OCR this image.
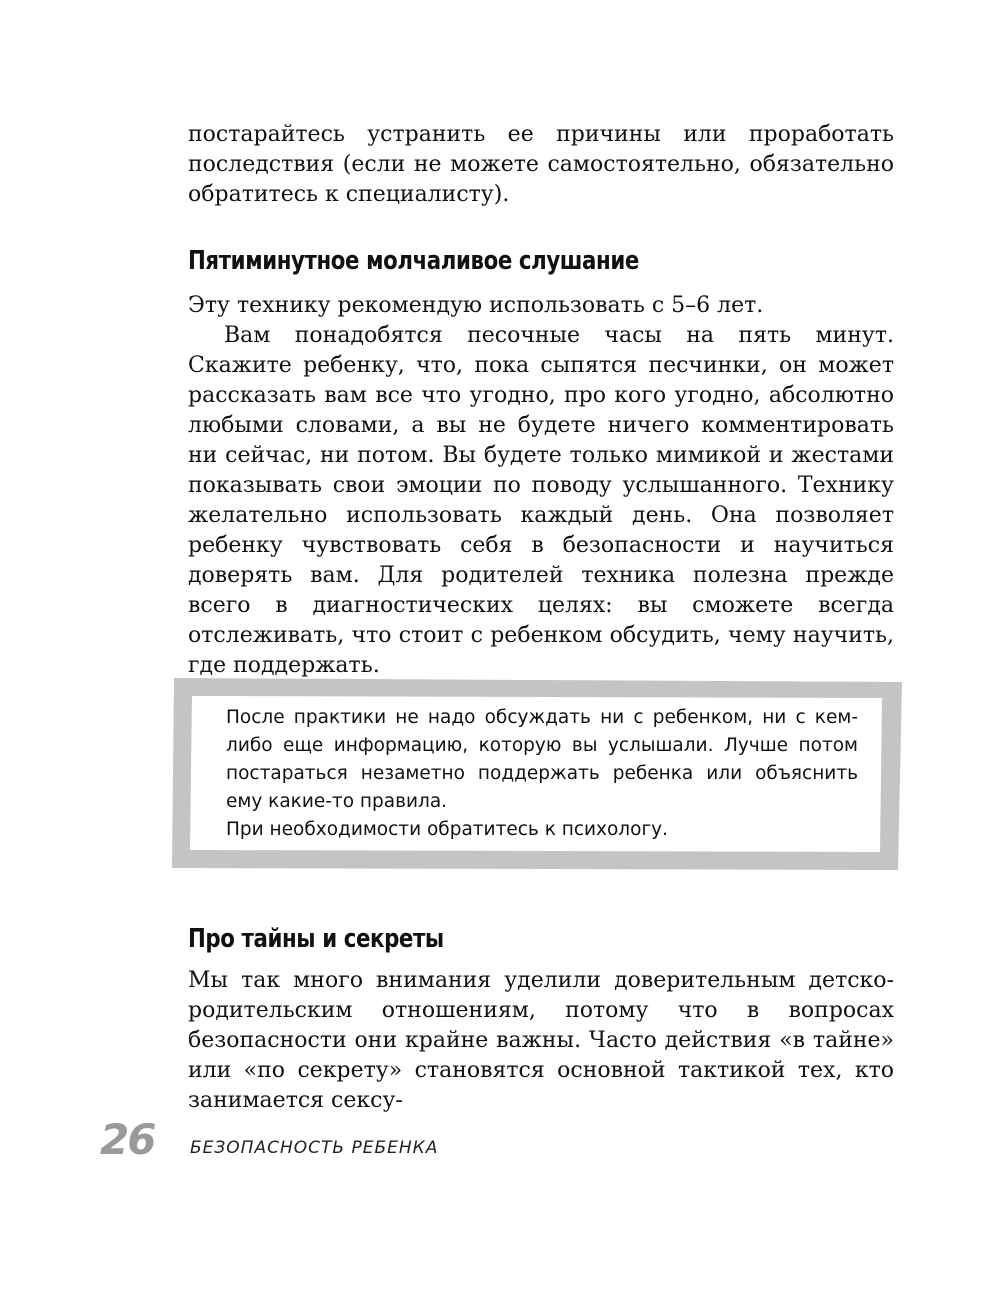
постарайтесь устранить ее причины или проработать последствия (если не можете самостоятельно, обязательно обратитесь к специалисту).

Пятиминутное молчаливое слушание

Эту технику рекомендую использовать с 5–6 лет.

Вам понадобятся песочные часы на пять минут. Скажите ребенку, что, пока сыпятся песчинки, он может рассказать вам все что угодно, про кого угодно, абсолютно любыми словами, а вы не будете ничего комментировать ни сейчас, ни потом. Вы будете только мимикой и жестами показывать свои эмоции по поводу услышанного. Технику желательно использовать каждый день. Она позволяет ребенку чувствовать себя в безопасности и научиться доверять вам. Для родителей техника полезна прежде всего в диагностических целях: вы сможете всегда отслеживать, что стоит с ребенком обсудить, чему научить, где поддержать.

После практики не надо обсуждать ни с ребенком, ни с кем-либо еще информацию, которую вы услышали. Лучше потом постараться незаметно поддержать ребенка или объяснить ему какие-то правила.

При необходимости обратитесь к психологу.

Про тайны и секреты

Мы так много внимания уделили доверительным детско-родительским отношениям, потому что в вопросах безопасности они крайне важны. Часто действия «в тайне» или «по секрету» становятся основной тактикой тех, кто занимается сексу-

26 БЕЗОПАСНОСТЬ РЕБЕНКА
